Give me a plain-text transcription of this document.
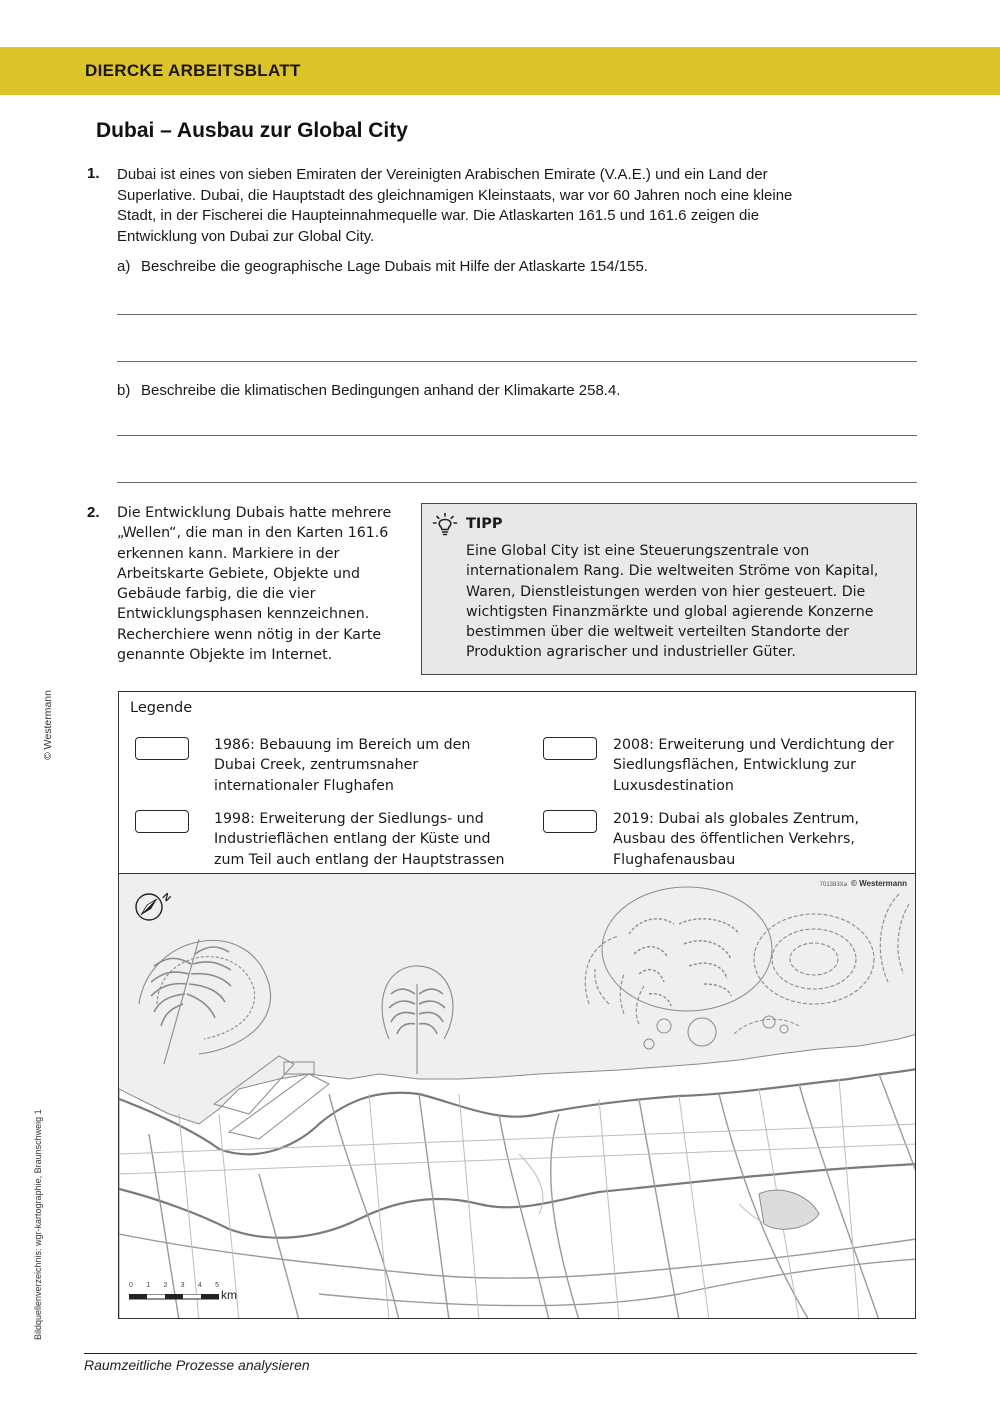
DIERCKE ARBEITSBLATT
Dubai – Ausbau zur Global City
1. Dubai ist eines von sieben Emiraten der Vereinigten Arabischen Emirate (V.A.E.) und ein Land der
Superlative. Dubai, die Hauptstadt des gleichnamigen Kleinstaats, war vor 60 Jahren noch eine kleine
Stadt, in der Fischerei die Haupteinnahmequelle war. Die Atlaskarten 161.5 und 161.6 zeigen die
Entwicklung von Dubai zur Global City.
a) Beschreibe die geographische Lage Dubais mit Hilfe der Atlaskarte 154/155.
b) Beschreibe die klimatischen Bedingungen anhand der Klimakarte 258.4.
2. Die Entwicklung Dubais hatte mehrere
„Wellen“, die man in den Karten 161.6
erkennen kann. Markiere in der
Arbeitskarte Gebiete, Objekte und
Gebäude farbig, die die vier
Entwicklungsphasen kennzeichnen.
Recherchiere wenn nötig in der Karte
genannte Objekte im Internet.
TIPP
Eine Global City ist eine Steuerungszentrale von
internationalem Rang. Die weltweiten Ströme von Kapital,
Waren, Dienstleistungen werden von hier gesteuert. Die
wichtigsten Finanzmärkte und global agierende Konzerne
bestimmen über die weltweit verteilten Standorte der
Produktion agrarischer und industrieller Güter.
Legende
1986: Bebauung im Bereich um den
Dubai Creek, zentrumsnaher
internationaler Flughafen
1998: Erweiterung der Siedlungs- und
Industrieflächen entlang der Küste und
zum Teil auch entlang der Hauptstrassen
2008: Erweiterung und Verdichtung der
Siedlungsflächen, Entwicklung zur
Luxusdestination
2019: Dubai als globales Zentrum,
Ausbau des öffentlichen Verkehrs,
Flughafenausbau
701383Xa © Westermann
N
0 1 2 3 4 5
km
© Westermann
Bildquellenverzeichnis: wgr-kartographie, Braunschweig 1
Raumzeitliche Prozesse analysieren
